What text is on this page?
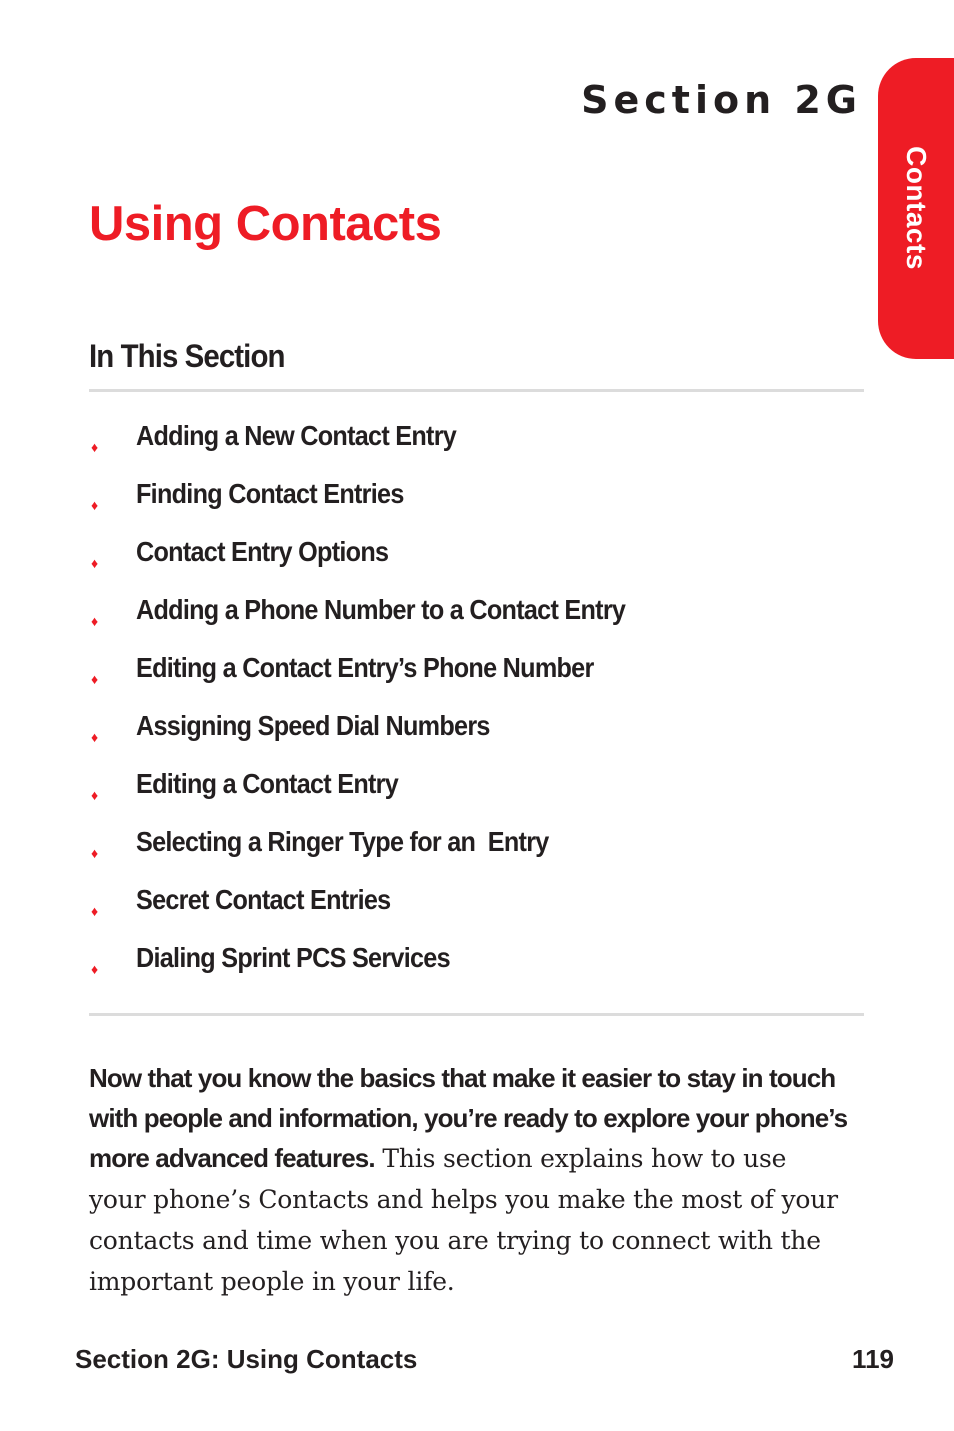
Section 2G
Contacts
Using Contacts
In This Section
♦ Adding a New Contact Entry
♦ Finding Contact Entries
♦ Contact Entry Options
♦ Adding a Phone Number to a Contact Entry
♦ Editing a Contact Entry’s Phone Number
♦ Assigning Speed Dial Numbers
♦ Editing a Contact Entry
♦ Selecting a Ringer Type for an  Entry
♦ Secret Contact Entries
♦ Dialing Sprint PCS Services

Now that you know the basics that make it easier to stay in touch with people and information, you’re ready to explore your phone’s more advanced features. This section explains how to use your phone’s Contacts and helps you make the most of your contacts and time when you are trying to connect with the important people in your life.

Section 2G: Using Contacts	119
